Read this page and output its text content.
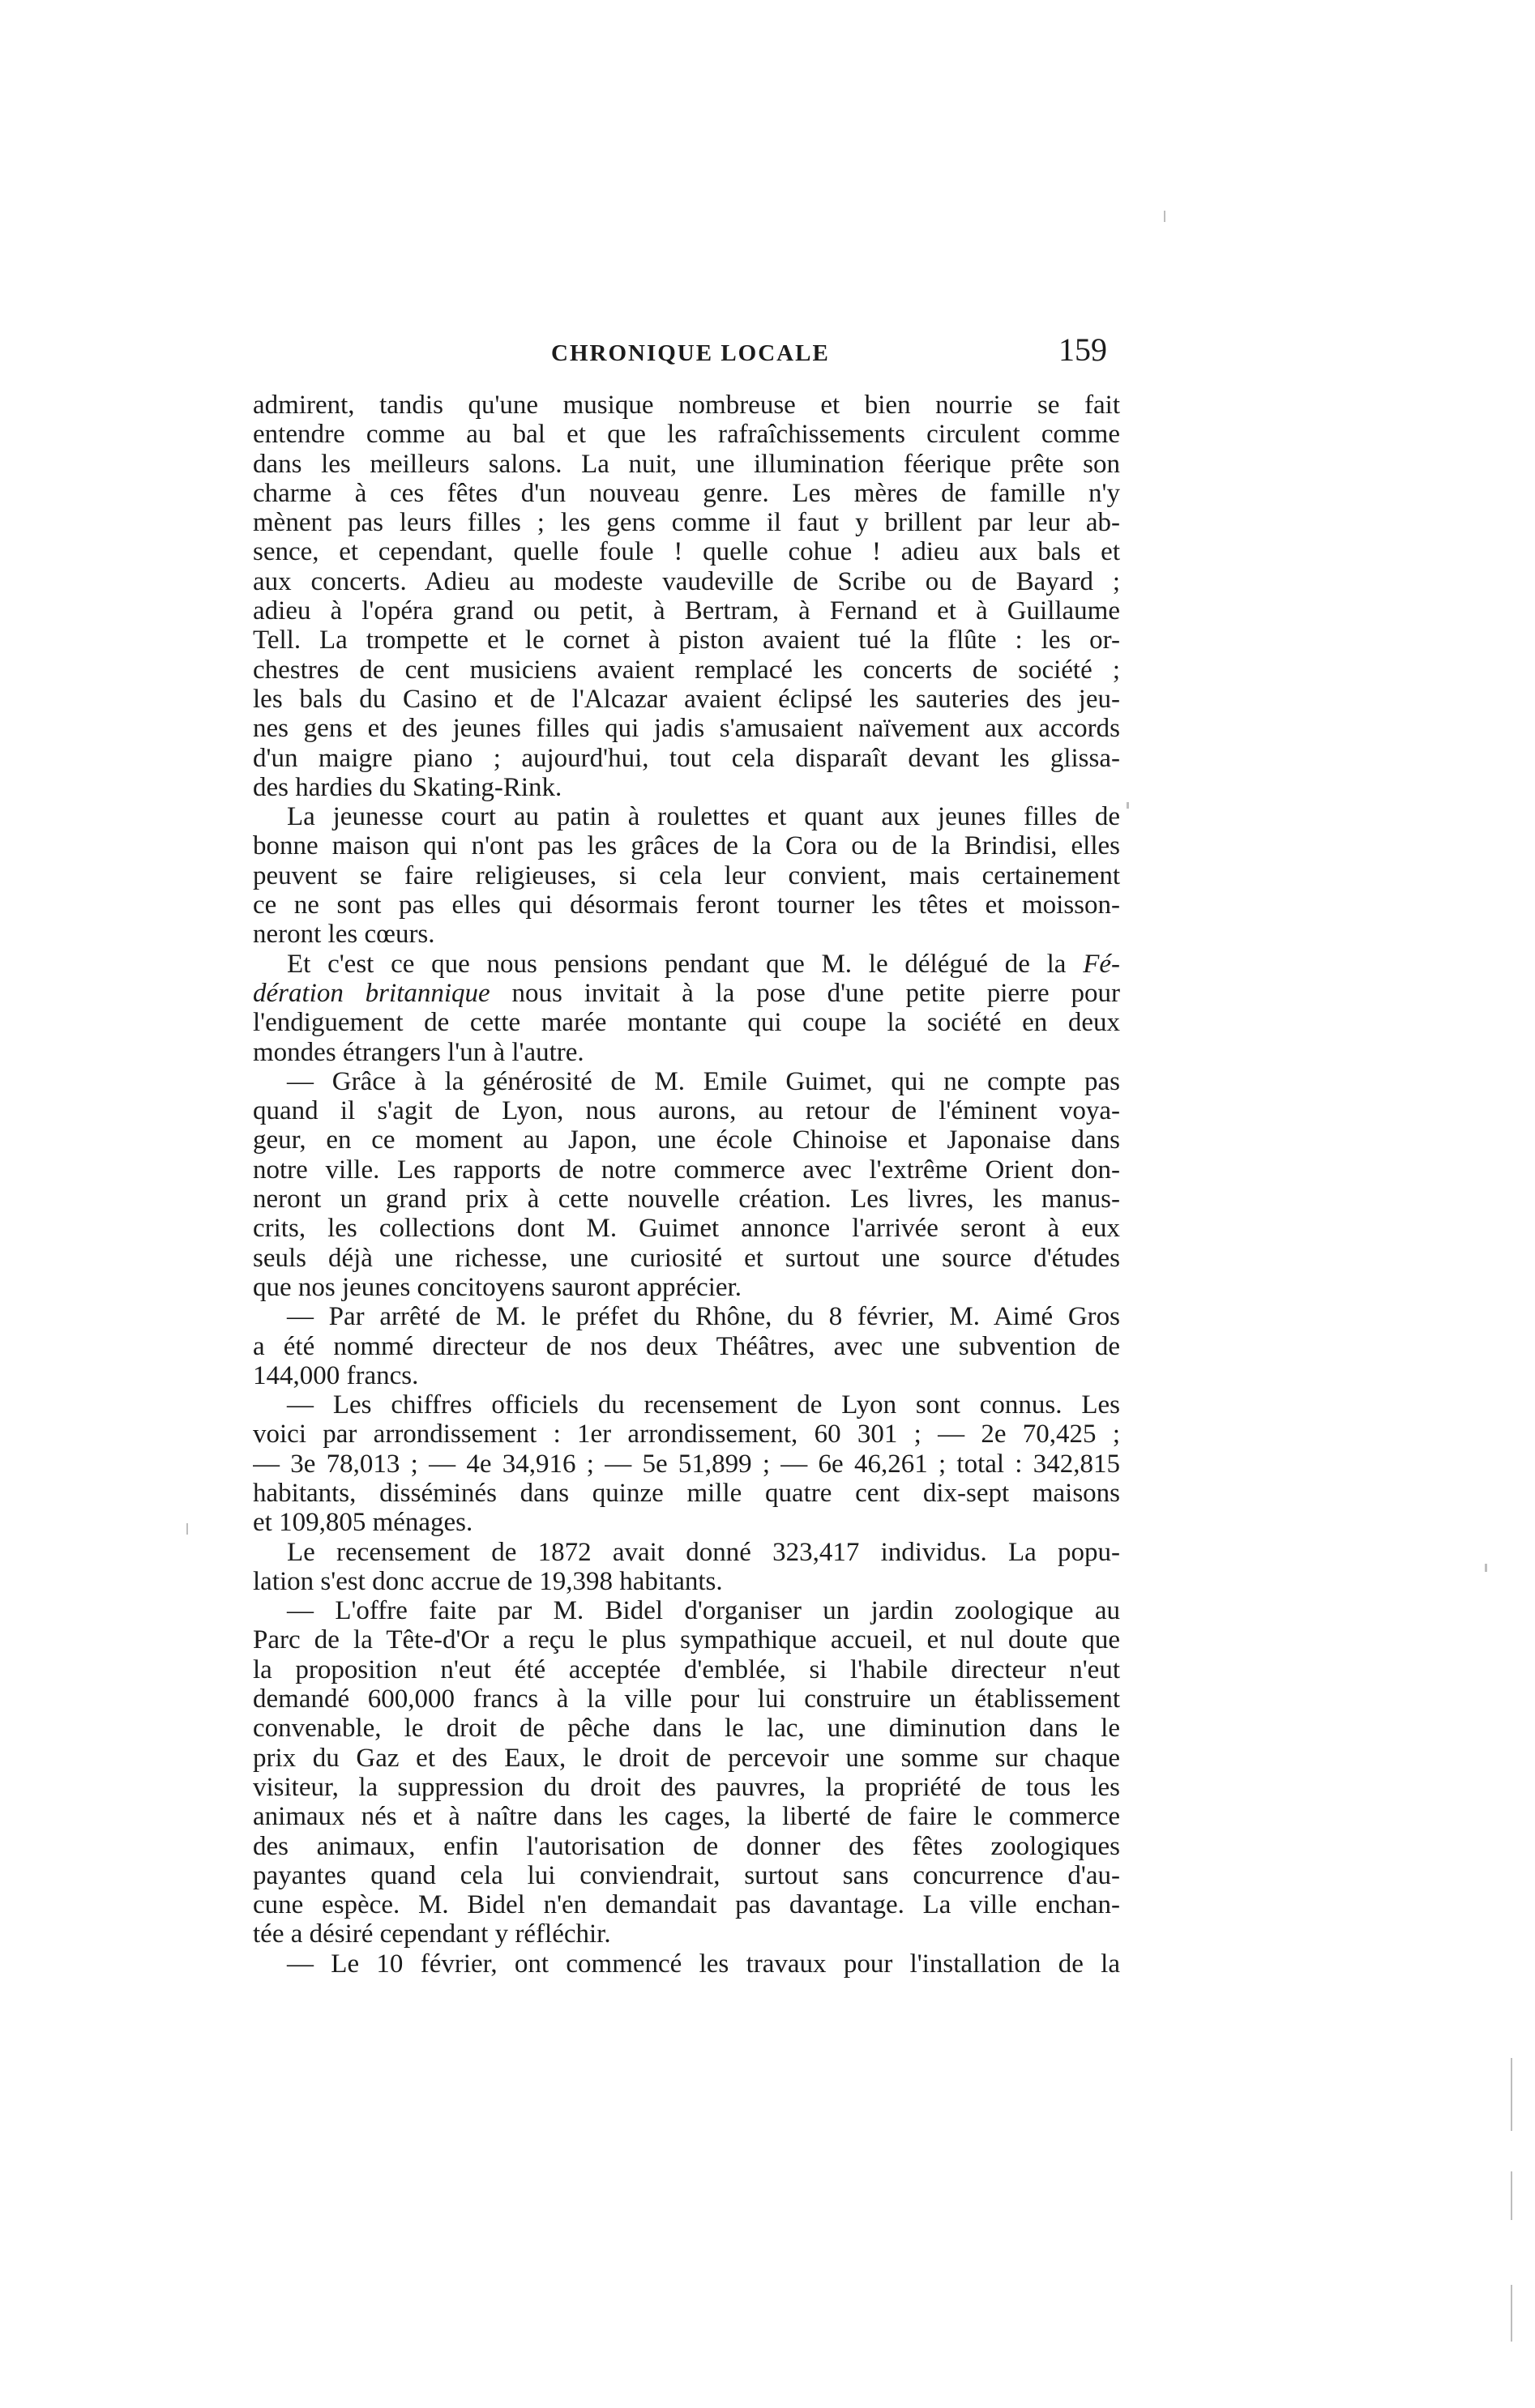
CHRONIQUE LOCALE	159
admirent, tandis qu'une musique nombreuse et bien nourrie se fait
entendre comme au bal et que les rafraîchissements circulent comme
dans les meilleurs salons. La nuit, une illumination féerique prête son
charme à ces fêtes d'un nouveau genre. Les mères de famille n'y
mènent pas leurs filles ; les gens comme il faut y brillent par leur ab-
sence, et cependant, quelle foule ! quelle cohue ! adieu aux bals et
aux concerts. Adieu au modeste vaudeville de Scribe ou de Bayard ;
adieu à l'opéra grand ou petit, à Bertram, à Fernand et à Guillaume
Tell. La trompette et le cornet à piston avaient tué la flûte : les or-
chestres de cent musiciens avaient remplacé les concerts de société ;
les bals du Casino et de l'Alcazar avaient éclipsé les sauteries des jeu-
nes gens et des jeunes filles qui jadis s'amusaient naïvement aux accords
d'un maigre piano ; aujourd'hui, tout cela disparaît devant les glissa-
des hardies du Skating-Rink.
La jeunesse court au patin à roulettes et quant aux jeunes filles de
bonne maison qui n'ont pas les grâces de la Cora ou de la Brindisi, elles
peuvent se faire religieuses, si cela leur convient, mais certainement
ce ne sont pas elles qui désormais feront tourner les têtes et moisson-
neront les cœurs.
Et c'est ce que nous pensions pendant que M. le délégué de la Fé-
dération britannique nous invitait à la pose d'une petite pierre pour
l'endiguement de cette marée montante qui coupe la société en deux
mondes étrangers l'un à l'autre.
— Grâce à la générosité de M. Emile Guimet, qui ne compte pas
quand il s'agit de Lyon, nous aurons, au retour de l'éminent voya-
geur, en ce moment au Japon, une école Chinoise et Japonaise dans
notre ville. Les rapports de notre commerce avec l'extrême Orient don-
neront un grand prix à cette nouvelle création. Les livres, les manus-
crits, les collections dont M. Guimet annonce l'arrivée seront à eux
seuls déjà une richesse, une curiosité et surtout une source d'études
que nos jeunes concitoyens sauront apprécier.
— Par arrêté de M. le préfet du Rhône, du 8 février, M. Aimé Gros
a été nommé directeur de nos deux Théâtres, avec une subvention de
144,000 francs.
— Les chiffres officiels du recensement de Lyon sont connus. Les
voici par arrondissement : 1er arrondissement, 60 301 ; — 2e 70,425 ;
— 3e 78,013 ; — 4e 34,916 ; — 5e 51,899 ; — 6e 46,261 ; total : 342,815
habitants, disséminés dans quinze mille quatre cent dix-sept maisons
et 109,805 ménages.
Le recensement de 1872 avait donné 323,417 individus. La popu-
lation s'est donc accrue de 19,398 habitants.
— L'offre faite par M. Bidel d'organiser un jardin zoologique au
Parc de la Tête-d'Or a reçu le plus sympathique accueil, et nul doute que
la proposition n'eut été acceptée d'emblée, si l'habile directeur n'eut
demandé 600,000 francs à la ville pour lui construire un établissement
convenable, le droit de pêche dans le lac, une diminution dans le
prix du Gaz et des Eaux, le droit de percevoir une somme sur chaque
visiteur, la suppression du droit des pauvres, la propriété de tous les
animaux nés et à naître dans les cages, la liberté de faire le commerce
des animaux, enfin l'autorisation de donner des fêtes zoologiques
payantes quand cela lui conviendrait, surtout sans concurrence d'au-
cune espèce. M. Bidel n'en demandait pas davantage. La ville enchan-
tée a désiré cependant y réfléchir.
— Le 10 février, ont commencé les travaux pour l'installation de la
